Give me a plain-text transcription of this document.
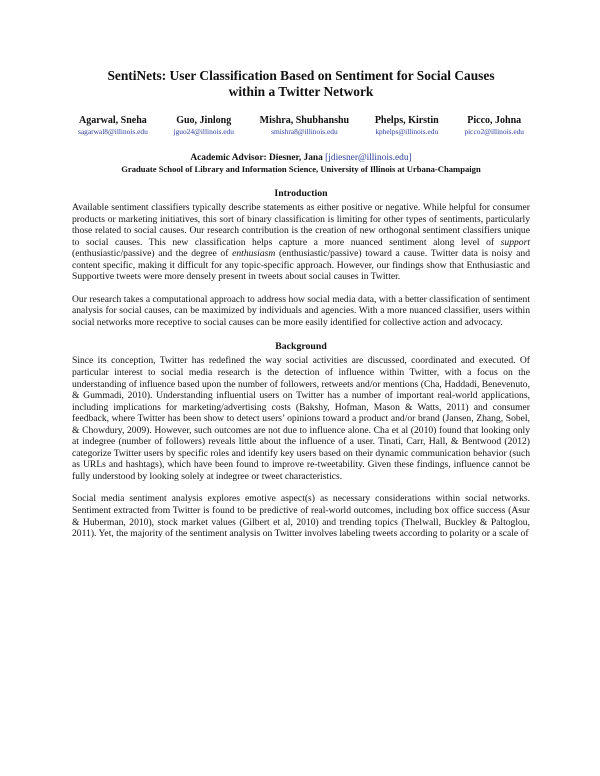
SentiNets: User Classification Based on Sentiment for Social Causes
within a Twitter Network
Agarwal, Sneha
sagarwal8@illinois.edu
Guo, Jinlong
jguo24@illinois.edu
Mishra, Shubhanshu
smishra8@illinois.edu
Phelps, Kirstin
kphelps@illinois.edu
Picco, Johna
picco2@illinois.edu
Academic Advisor: Diesner, Jana [jdiesner@illinois.edu]
Graduate School of Library and Information Science, University of Illinois at Urbana-Champaign
Introduction

Available sentiment classifiers typically describe statements as either positive or negative. While helpful for consumer products or marketing initiatives, this sort of binary classification is limiting for other types of sentiments, particularly those related to social causes. Our research contribution is the creation of new orthogonal sentiment classifiers unique to social causes. This new classification helps capture a more nuanced sentiment along level of support (enthusiastic/passive) and the degree of enthusiasm (enthusiastic/passive) toward a cause. Twitter data is noisy and content specific, making it difficult for any topic-specific approach. However, our findings show that Enthusiastic and Supportive tweets were more densely present in tweets about social causes in Twitter.

Our research takes a computational approach to address how social media data, with a better classification of sentiment analysis for social causes, can be maximized by individuals and agencies. With a more nuanced classifier, users within social networks more receptive to social causes can be more easily identified for collective action and advocacy.

Background

Since its conception, Twitter has redefined the way social activities are discussed, coordinated and executed. Of particular interest to social media research is the detection of influence within Twitter, with a focus on the understanding of influence based upon the number of followers, retweets and/or mentions (Cha, Haddadi, Benevenuto, & Gummadi, 2010). Understanding influential users on Twitter has a number of important real-world applications, including implications for marketing/advertising costs (Bakshy, Hofman, Mason & Watts, 2011) and consumer feedback, where Twitter has been show to detect users’ opinions toward a product and/or brand (Jansen, Zhang, Sobel, & Chowdury, 2009). However, such outcomes are not due to influence alone. Cha et al (2010) found that looking only at indegree (number of followers) reveals little about the influence of a user. Tinati, Carr, Hall, & Bentwood (2012) categorize Twitter users by specific roles and identify key users based on their dynamic communication behavior (such as URLs and hashtags), which have been found to improve re-tweetability. Given these findings, influence cannot be fully understood by looking solely at indegree or tweet characteristics.

Social media sentiment analysis explores emotive aspect(s) as necessary considerations within social networks. Sentiment extracted from Twitter is found to be predictive of real-world outcomes, including box office success (Asur & Huberman, 2010), stock market values (Gilbert et al, 2010) and trending topics (Thelwall, Buckley & Paltoglou, 2011). Yet, the majority of the sentiment analysis on Twitter involves labeling tweets according to polarity or a scale of
